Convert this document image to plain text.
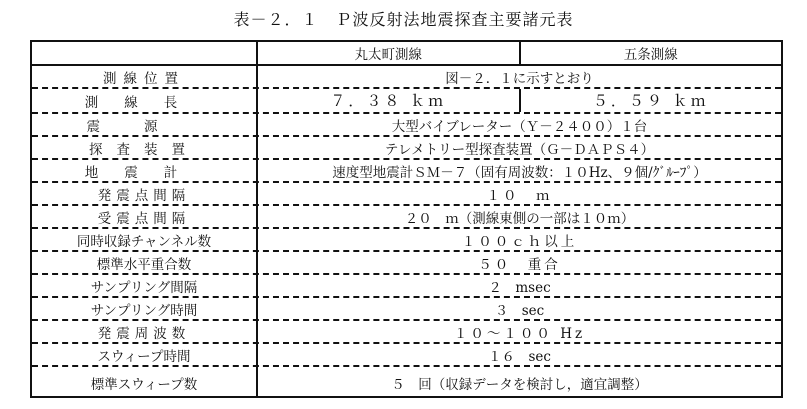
表－２．１　Ｐ波反射法地震探査主要諸元表
丸太町測線	五条測線
測線位置	図－２．１に示すとおり
測線長	７．３８ ｋｍ	５．５９ ｋｍ
震源	大型バイブレーター（Ｙ－２４００）１台
探査装置	テレメトリー型探査装置（Ｇ－ＤＡＰＳ４）
地震計	速度型地震計ＳＭ－７（固有周波数：１０Hz、９個/ｸﾞﾙｰﾌﾟ）
発震点間隔	１０　ｍ
受震点間隔	２０　ｍ（測線東側の一部は１０ｍ）
同時収録チャンネル数	１００ｃｈ以上
標準水平重合数	５０　重合
サンプリング間隔	２　msec
サンプリング時間	３　sec
発震周波数	１０～１００ Hz
スウィープ時間	１６　sec
標準スウィープ数	５　回（収録データを検討し，適宜調整）
